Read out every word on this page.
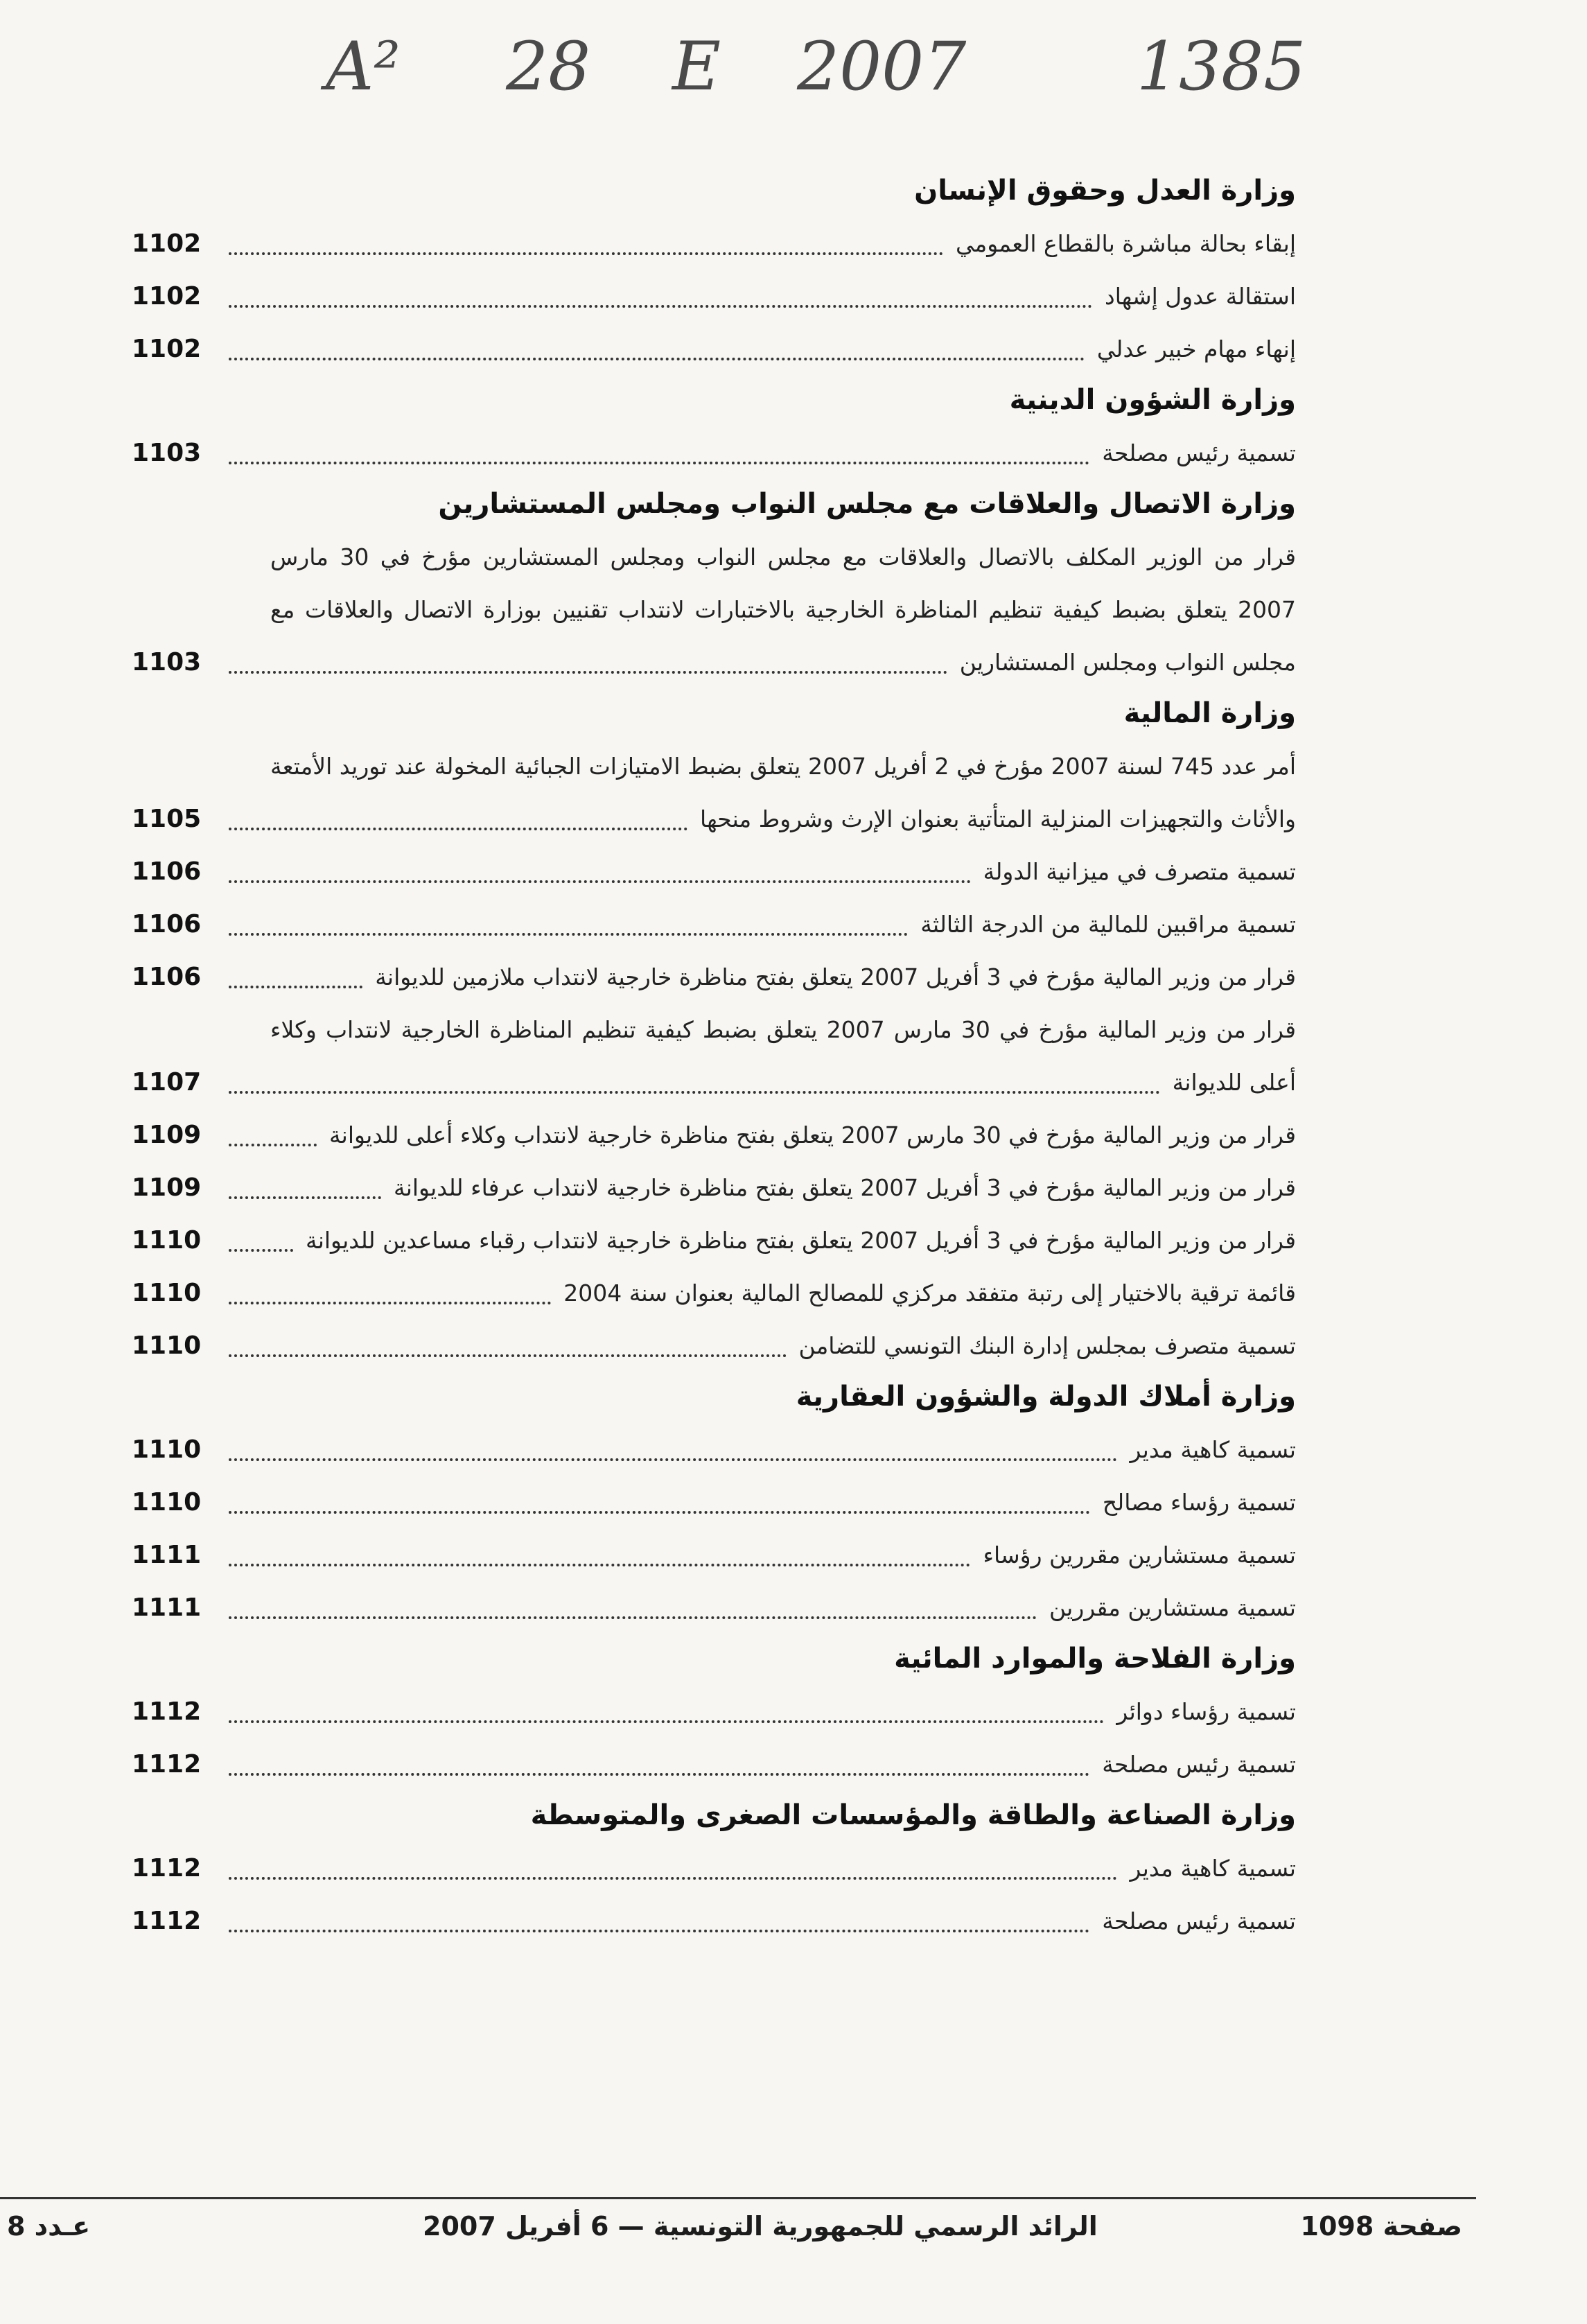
A² 28 E 2007	1385
وزارة العدل وحقوق الإنسان
إبقاء بحالة مباشرة بالقطاع العمومي
1102
استقالة عدول إشهاد
1102
إنهاء مهام خبير عدلي
1102
وزارة الشؤون الدينية
تسمية رئيس مصلحة
1103
وزارة الاتصال والعلاقات مع مجلس النواب ومجلس المستشارين
قرار من الوزير المكلف بالاتصال والعلاقات مع مجلس النواب ومجلس المستشارين مؤرخ في 30 مارس 2007 يتعلق بضبط كيفية تنظيم المناظرة الخارجية بالاختبارات لانتداب تقنيين بوزارة الاتصال والعلاقات مع مجلس النواب ومجلس المستشارين
1103
وزارة المالية
أمر عدد 745 لسنة 2007 مؤرخ في 2 أفريل 2007 يتعلق بضبط الامتيازات الجبائية المخولة عند توريد الأمتعة والأثاث والتجهيزات المنزلية المتأتية بعنوان الإرث وشروط منحها
1105
تسمية متصرف في ميزانية الدولة
1106
تسمية مراقبين للمالية من الدرجة الثالثة
1106
قرار من وزير المالية مؤرخ في 3 أفريل 2007 يتعلق بفتح مناظرة خارجية لانتداب ملازمين للديوانة
1106
قرار من وزير المالية مؤرخ في 30 مارس 2007 يتعلق بضبط كيفية تنظيم المناظرة الخارجية لانتداب وكلاء أعلى للديوانة
1107
قرار من وزير المالية مؤرخ في 30 مارس 2007 يتعلق بفتح مناظرة خارجية لانتداب وكلاء أعلى للديوانة
1109
قرار من وزير المالية مؤرخ في 3 أفريل 2007 يتعلق بفتح مناظرة خارجية لانتداب عرفاء للديوانة
1109
قرار من وزير المالية مؤرخ في 3 أفريل 2007 يتعلق بفتح مناظرة خارجية لانتداب رقباء مساعدين للديوانة
1110
قائمة ترقية بالاختيار إلى رتبة متفقد مركزي للمصالح المالية بعنوان سنة 2004
1110
تسمية متصرف بمجلس إدارة البنك التونسي للتضامن
1110
وزارة أملاك الدولة والشؤون العقارية
تسمية كاهية مدير
1110
تسمية رؤساء مصالح
1110
تسمية مستشارين مقررين رؤساء
1111
تسمية مستشارين مقررين
1111
وزارة الفلاحة والموارد المائية
تسمية رؤساء دوائر
1112
تسمية رئيس مصلحة
1112
وزارة الصناعة والطاقة والمؤسسات الصغرى والمتوسطة
تسمية كاهية مدير
1112
تسمية رئيس مصلحة
1112
صفحة 1098
الرائد الرسمي للجمهورية التونسية — 6 أفريل 2007
عـدد 8
